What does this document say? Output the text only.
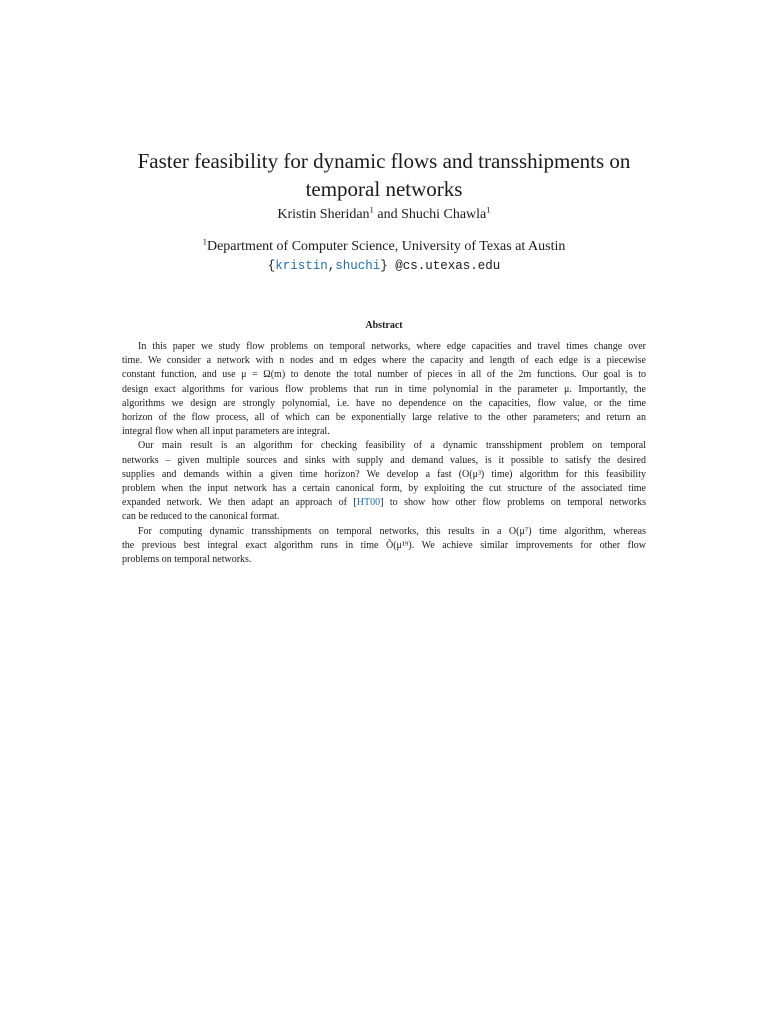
Faster feasibility for dynamic flows and transshipments on temporal networks
Kristin Sheridan$^1$ and Shuchi Chawla$^1$
$^1$Department of Computer Science, University of Texas at Austin
{kristin,shuchi} @cs.utexas.edu
Abstract

In this paper we study flow problems on temporal networks, where edge capacities and travel times change over
time. We consider a network with n nodes and m edges where the capacity and length of each edge is a piecewise
constant function, and use μ = Ω(m) to denote the total number of pieces in all of the 2m functions. Our goal is to
design exact algorithms for various flow problems that run in time polynomial in the parameter μ. Importantly, the
algorithms we design are strongly polynomial, i.e. have no dependence on the capacities, flow value, or the time
horizon of the flow process, all of which can be exponentially large relative to the other parameters; and return an
integral flow when all input parameters are integral.

Our main result is an algorithm for checking feasibility of a dynamic transshipment problem on temporal
networks – given multiple sources and sinks with supply and demand values, is it possible to satisfy the desired
supplies and demands within a given time horizon? We develop a fast (O(μ³) time) algorithm for this feasibility
problem when the input network has a certain canonical form, by exploiting the cut structure of the associated time
expanded network. We then adapt an approach of [HT00] to show how other flow problems on temporal networks
can be reduced to the canonical format.

For computing dynamic transshipments on temporal networks, this results in a O(μ⁷) time algorithm, whereas
the previous best integral exact algorithm runs in time Õ(μ¹⁹). We achieve similar improvements for other flow
problems on temporal networks.
